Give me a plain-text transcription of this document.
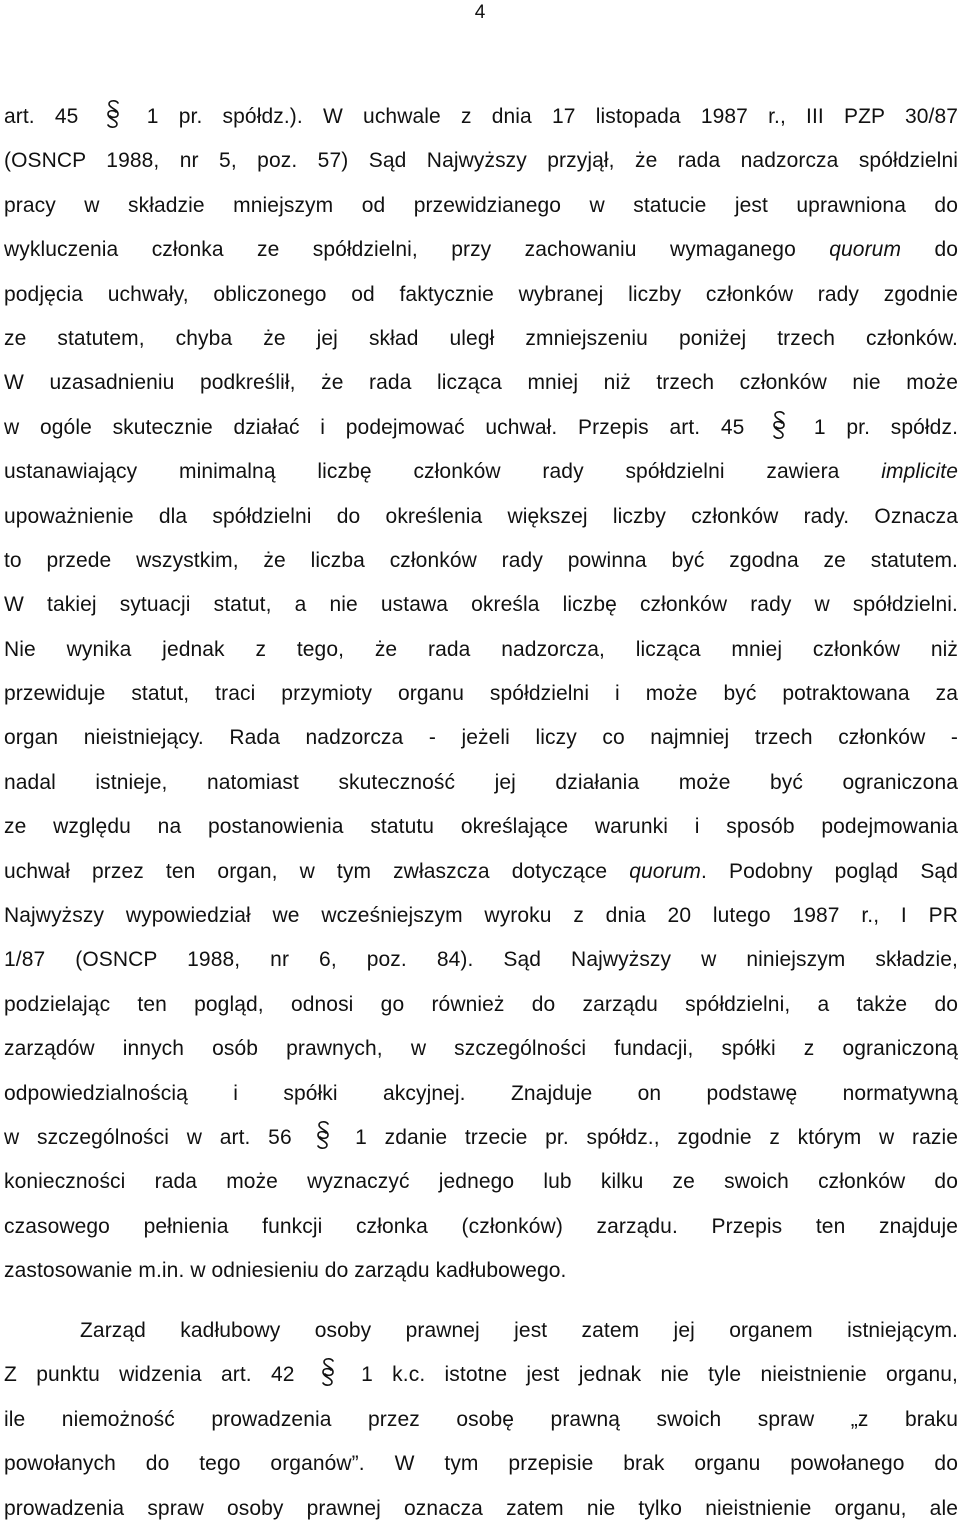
4
art. 45
1 pr. spółdz.). W uchwale z dnia 17 listopada 1987 r., III PZP 30/87
(OSNCP 1988, nr 5, poz. 57) Sąd Najwyższy przyjął, że rada nadzorcza spółdzielni
pracy w składzie mniejszym od przewidzianego w statucie jest uprawniona do
wykluczenia członka ze spółdzielni, przy zachowaniu wymaganego quorum do
podjęcia uchwały, obliczonego od faktycznie wybranej liczby członków rady zgodnie
ze statutem, chyba że jej skład uległ zmniejszeniu poniżej trzech członków.
W uzasadnieniu podkreślił, że rada licząca mniej niż trzech członków nie może
w ogóle skutecznie działać i podejmować uchwał. Przepis art. 45
1 pr. spółdz.
ustanawiający minimalną liczbę członków rady spółdzielni zawiera implicite
upoważnienie dla spółdzielni do określenia większej liczby członków rady. Oznacza
to przede wszystkim, że liczba członków rady powinna być zgodna ze statutem.
W takiej sytuacji statut, a nie ustawa określa liczbę członków rady w spółdzielni.
Nie wynika jednak z tego, że rada nadzorcza, licząca mniej członków niż
przewiduje statut, traci przymioty organu spółdzielni i może być potraktowana za
organ nieistniejący. Rada nadzorcza - jeżeli liczy co najmniej trzech członków -
nadal istnieje, natomiast skuteczność jej działania może być ograniczona
ze względu na postanowienia statutu określające warunki i sposób podejmowania
uchwał przez ten organ, w tym zwłaszcza dotyczące quorum. Podobny pogląd Sąd
Najwyższy wypowiedział we wcześniejszym wyroku z dnia 20 lutego 1987 r., I PR
1/87 (OSNCP 1988, nr 6, poz. 84). Sąd Najwyższy w niniejszym składzie,
podzielając ten pogląd, odnosi go również do zarządu spółdzielni, a także do
zarządów innych osób prawnych, w szczególności fundacji, spółki z ograniczoną
odpowiedzialnością i spółki akcyjnej. Znajduje on podstawę normatywną
w szczególności w art. 56
1 zdanie trzecie pr. spółdz., zgodnie z którym w razie
konieczności rada może wyznaczyć jednego lub kilku ze swoich członków do
czasowego pełnienia funkcji członka (członków) zarządu. Przepis ten znajduje
zastosowanie m.in. w odniesieniu do zarządu kadłubowego.
Zarząd kadłubowy osoby prawnej jest zatem jej organem istniejącym.
Z punktu widzenia art. 42
1 k.c. istotne jest jednak nie tyle nieistnienie organu,
ile niemożność prowadzenia przez osobę prawną swoich spraw „z braku
powołanych do tego organów”. W tym przepisie brak organu powołanego do
prowadzenia spraw osoby prawnej oznacza zatem nie tylko nieistnienie organu, ale
